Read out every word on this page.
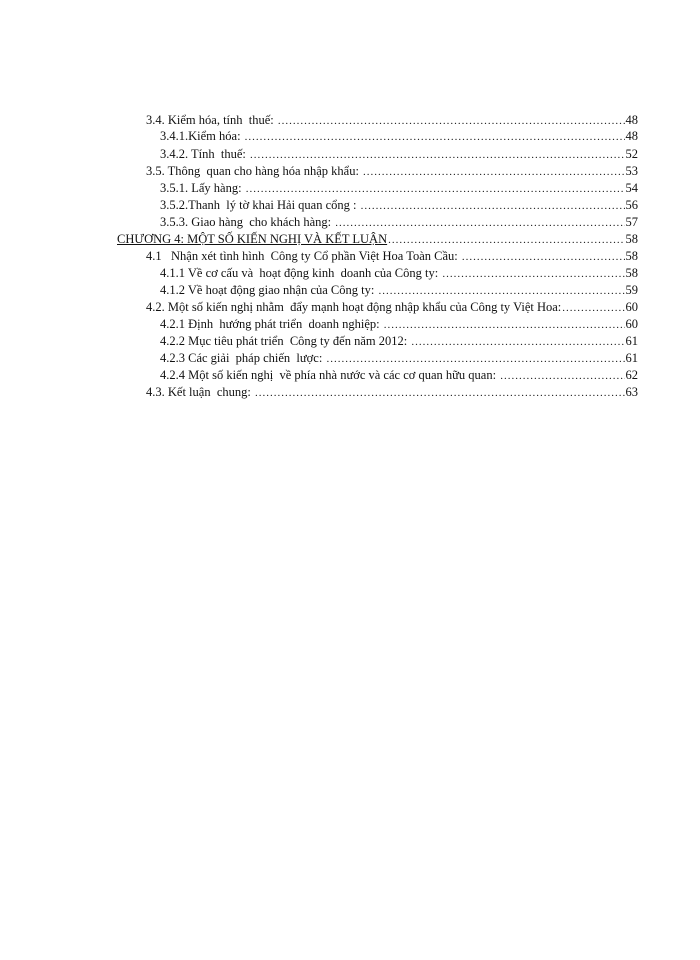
3.4. Kiểm hóa, tính  thuế: .....	48
3.4.1.Kiểm hóa: .....	48
3.4.2. Tính  thuế: .....	52
3.5. Thông  quan cho hàng hóa nhập khẩu: .....	53
3.5.1. Lấy hàng: .....	54
3.5.2.Thanh  lý tờ khai Hải quan cổng : .....	56
3.5.3. Giao hàng  cho khách hàng: .....	57
CHƯƠNG 4: MỘT SỐ KIẾN NGHỊ VÀ KẾT LUẬN .....	58
4.1   Nhận xét tình hình  Công ty Cổ phần Việt Hoa Toàn Cầu: .....	58
4.1.1 Về cơ cấu và  hoạt động kinh  doanh của Công ty: .....	58
4.1.2 Về hoạt động giao nhận của Công ty: .....	59
4.2. Một số kiến nghị nhằm  đẩy mạnh hoạt động nhập khẩu của Công ty Việt Hoa: .....	60
4.2.1 Định  hướng phát triển  doanh nghiệp: .....	60
4.2.2 Mục tiêu phát triển  Công ty đến năm 2012: .....	61
4.2.3 Các giải  pháp chiến  lược: .....	61
4.2.4 Một số kiến nghị  về phía nhà nước và các cơ quan hữu quan: .....	62
4.3. Kết luận  chung: .....	63
